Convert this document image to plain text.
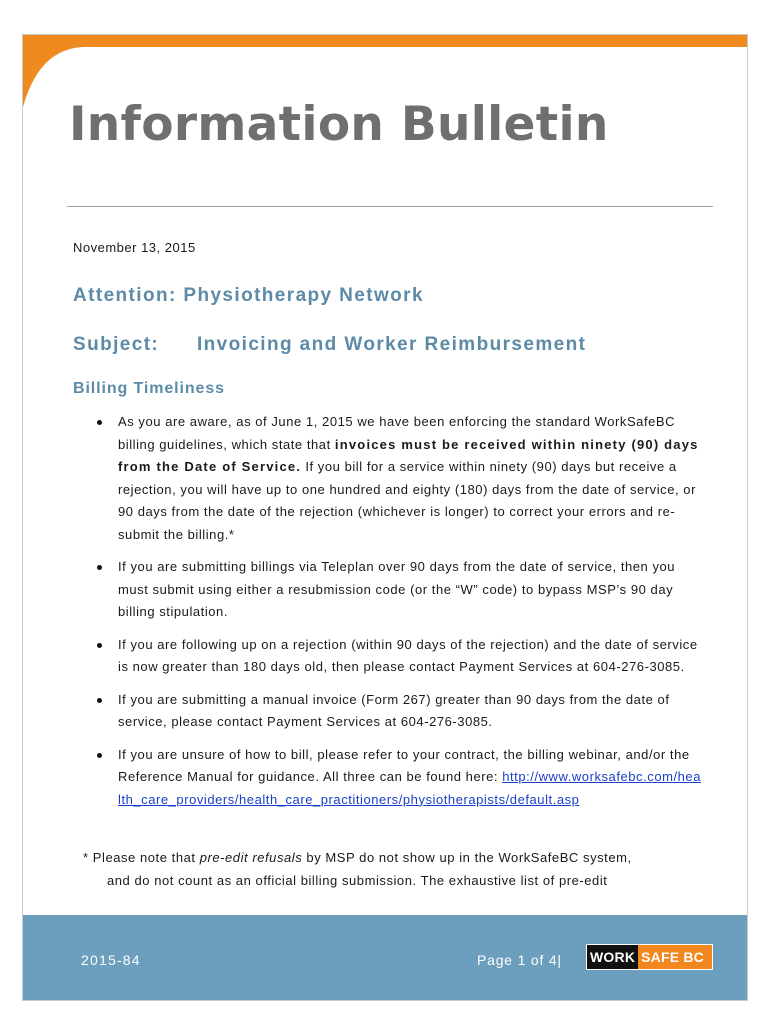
Information Bulletin
November 13, 2015
Attention: Physiotherapy Network
Subject: Invoicing and Worker Reimbursement
Billing Timeliness
As you are aware, as of June 1, 2015 we have been enforcing the standard WorkSafeBC billing guidelines, which state that invoices must be received within ninety (90) days from the Date of Service. If you bill for a service within ninety (90) days but receive a rejection, you will have up to one hundred and eighty (180) days from the date of service, or 90 days from the date of the rejection (whichever is longer) to correct your errors and re-submit the billing.*
If you are submitting billings via Teleplan over 90 days from the date of service, then you must submit using either a resubmission code (or the “W” code) to bypass MSP’s 90 day billing stipulation.
If you are following up on a rejection (within 90 days of the rejection) and the date of service is now greater than 180 days old, then please contact Payment Services at 604-276-3085.
If you are submitting a manual invoice (Form 267) greater than 90 days from the date of service, please contact Payment Services at 604-276-3085.
If you are unsure of how to bill, please refer to your contract, the billing webinar, and/or the Reference Manual for guidance. All three can be found here: http://www.worksafebc.com/health_care_providers/health_care_practitioners/physiotherapists/default.asp
* Please note that pre-edit refusals by MSP do not show up in the WorkSafeBC system,
and do not count as an official billing submission. The exhaustive list of pre-edit
2015-84	Page 1 of 4| WORK SAFE BC
